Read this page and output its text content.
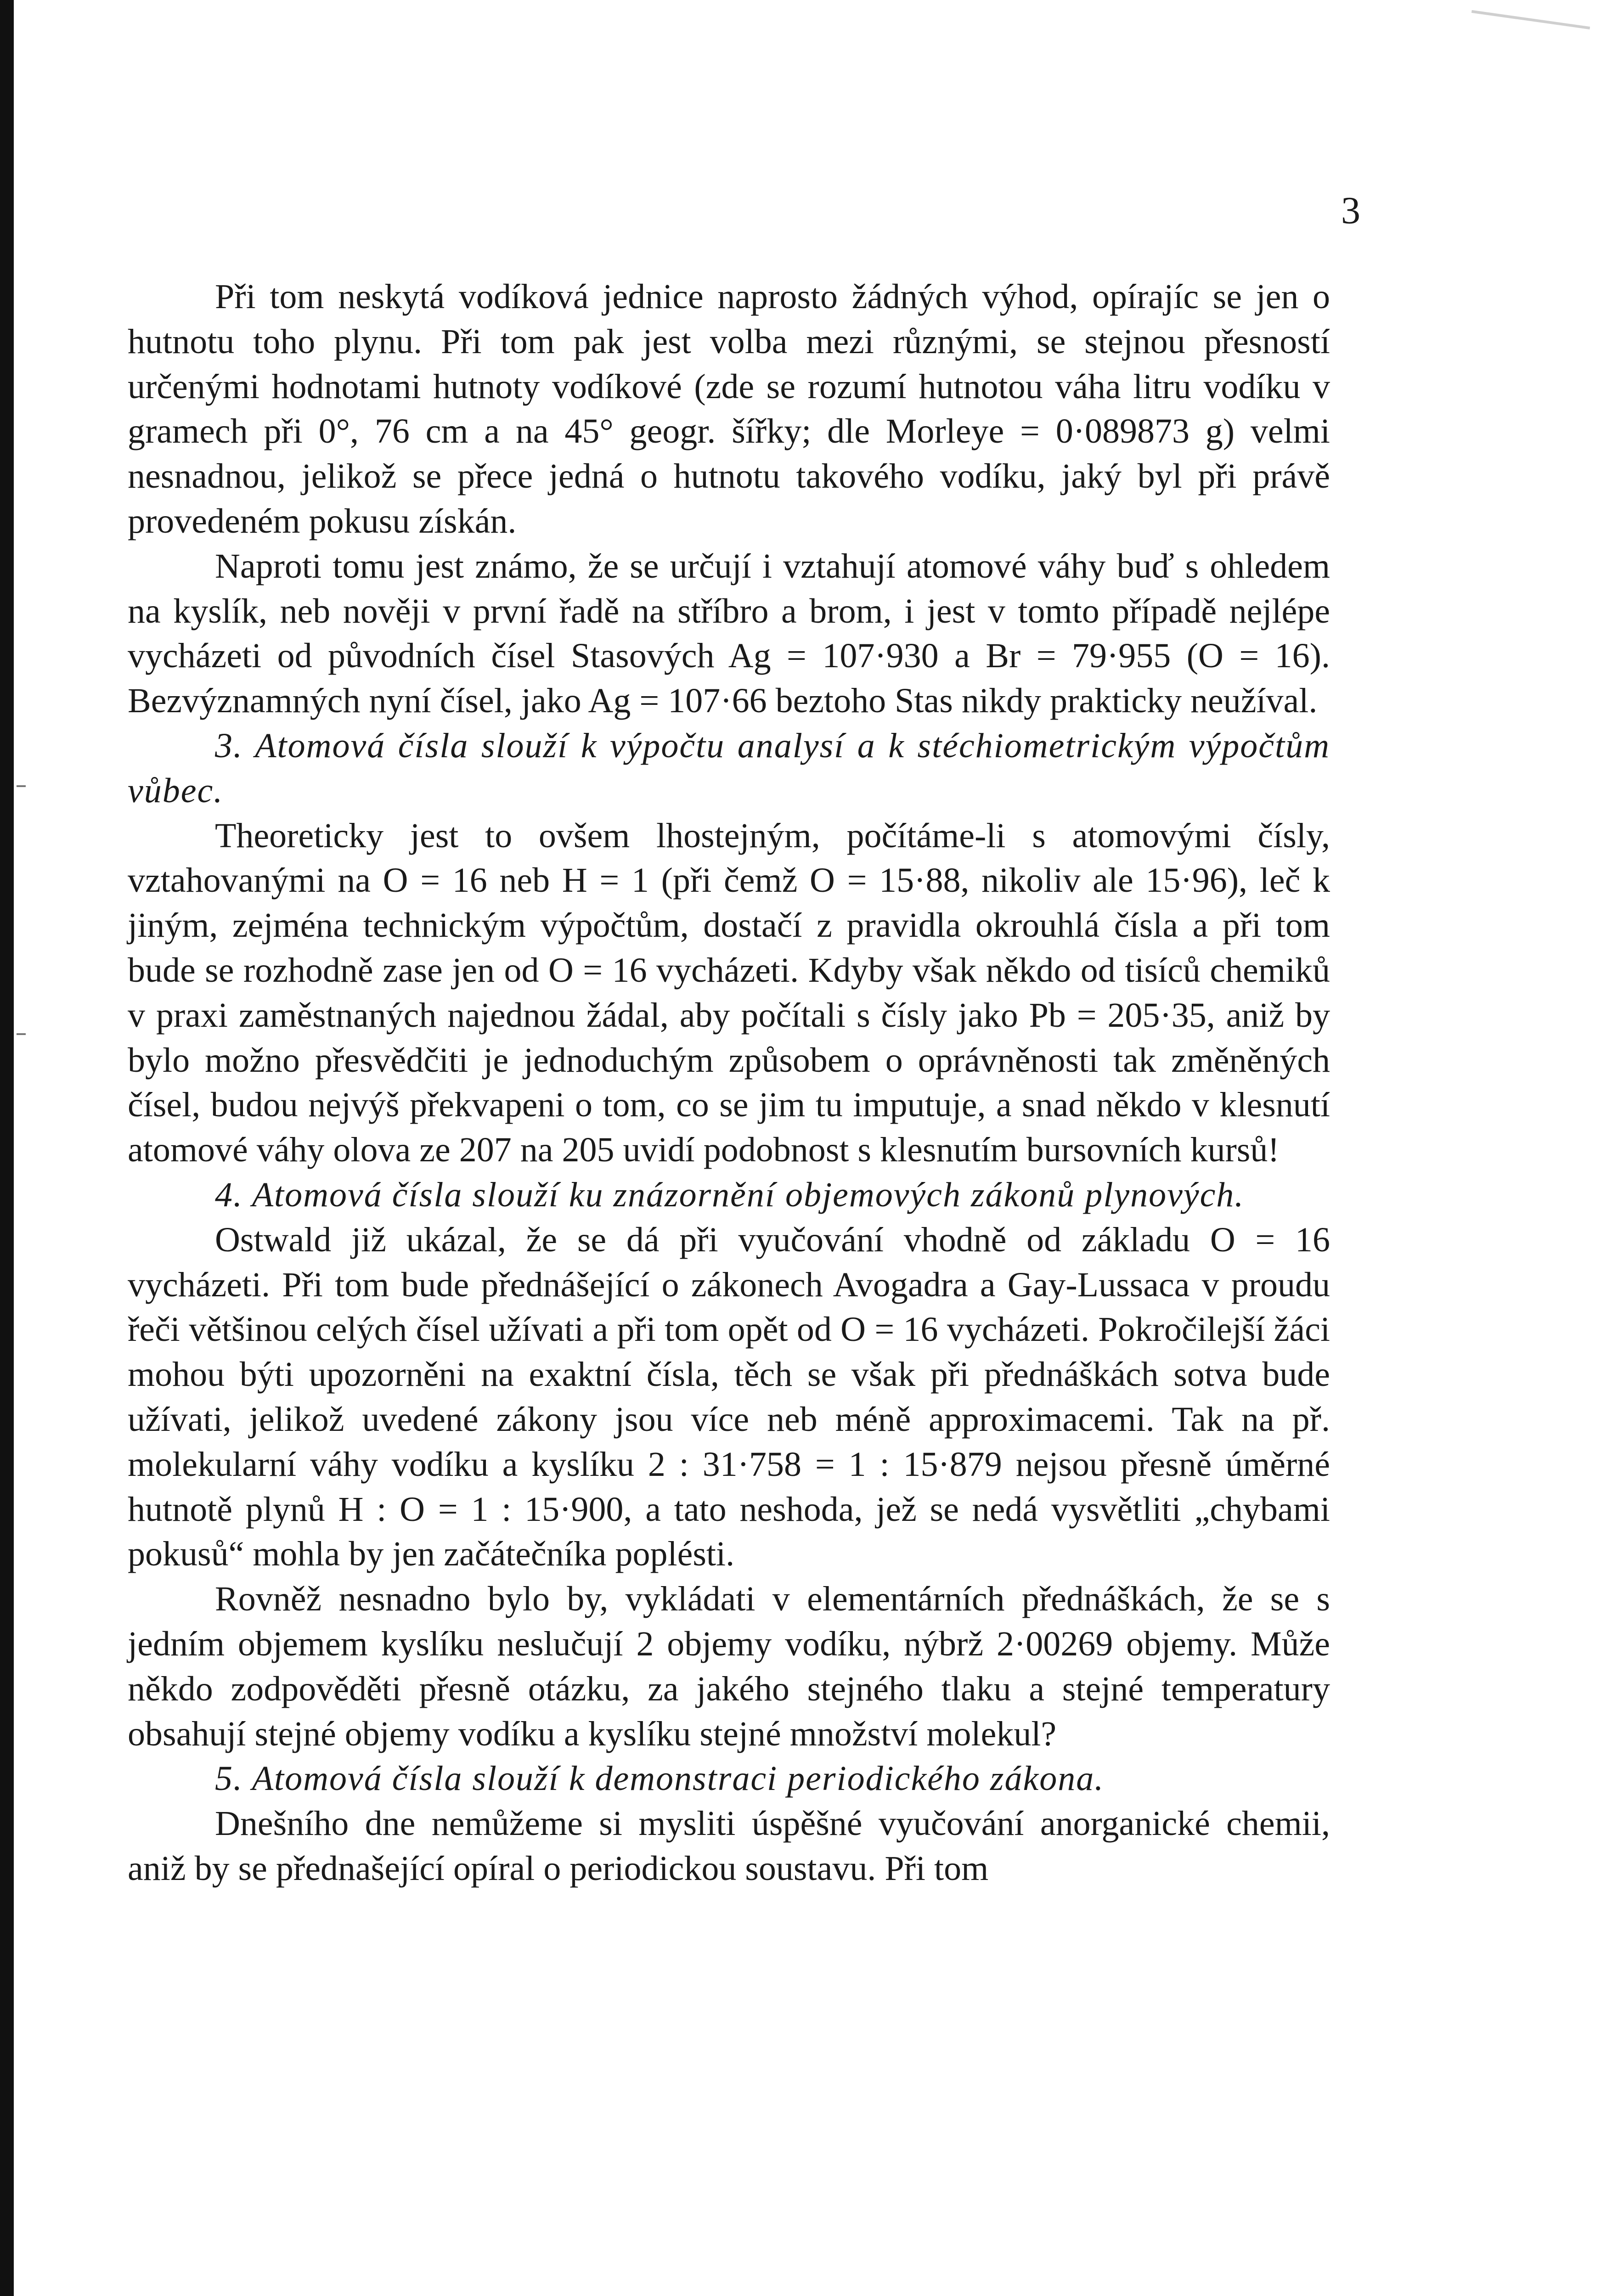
3

Při tom neskytá vodíková jednice naprosto žádných výhod, opírajíc se jen o hutnotu toho plynu. Při tom pak jest volba mezi různými, se stejnou přesností určenými hodnotami hutnoty vodíkové (zde se rozumí hutnotou váha litru vodíku v gramech při 0°, 76 cm a na 45° geogr. šířky; dle Morleye = 0·089873 g) velmi nesnadnou, jelikož se přece jedná o hutnotu takového vodíku, jaký byl při právě provedeném pokusu získán.

Naproti tomu jest známo, že se určují i vztahují atomové váhy buď s ohledem na kyslík, neb nověji v první řadě na stříbro a brom, i jest v tomto případě nejlépe vycházeti od původních čísel Stasových Ag = 107·930 a Br = 79·955 (O = 16). Bezvýznamných nyní čísel, jako Ag = 107·66 beztoho Stas nikdy prakticky neužíval.

3. Atomová čísla slouží k výpočtu analysí a k stéchiometrickým výpočtům vůbec.

Theoreticky jest to ovšem lhostejným, počítáme-li s atomovými čísly, vztahovanými na O = 16 neb H = 1 (při čemž O = 15·88, nikoliv ale 15·96), leč k jiným, zejména technickým výpočtům, dostačí z pravidla okrouhlá čísla a při tom bude se rozhodně zase jen od O = 16 vycházeti. Kdyby však někdo od tisíců chemiků v praxi zaměstnaných najednou žádal, aby počítali s čísly jako Pb = 205·35, aniž by bylo možno přesvědčiti je jednoduchým způsobem o oprávněnosti tak změněných čísel, budou nejvýš překvapeni o tom, co se jim tu imputuje, a snad někdo v klesnutí atomové váhy olova ze 207 na 205 uvidí podobnost s klesnutím bursovních kursů!

4. Atomová čísla slouží ku znázornění objemových zákonů plynových.

Ostwald již ukázal, že se dá při vyučování vhodně od základu O = 16 vycházeti. Při tom bude přednášející o zákonech Avogadra a Gay-Lussaca v proudu řeči většinou celých čísel užívati a při tom opět od O = 16 vycházeti. Pokročilejší žáci mohou býti upozorněni na exaktní čísla, těch se však při přednáškách sotva bude užívati, jelikož uvedené zákony jsou více neb méně approximacemi. Tak na př. molekularní váhy vodíku a kyslíku 2 : 31·758 = 1 : 15·879 nejsou přesně úměrné hutnotě plynů H : O = 1 : 15·900, a tato neshoda, jež se nedá vysvětliti „chybami pokusů“ mohla by jen začátečníka poplésti.

Rovněž nesnadno bylo by, vykládati v elementárních přednáškách, že se s jedním objemem kyslíku neslučují 2 objemy vodíku, nýbrž 2·00269 objemy. Může někdo zodpověděti přesně otázku, za jakého stejného tlaku a stejné temperatury obsahují stejné objemy vodíku a kyslíku stejné množství molekul?

5. Atomová čísla slouží k demonstraci periodického zákona.

Dnešního dne nemůžeme si mysliti úspěšné vyučování anorganické chemii, aniž by se přednašející opíral o periodickou soustavu. Při tom
